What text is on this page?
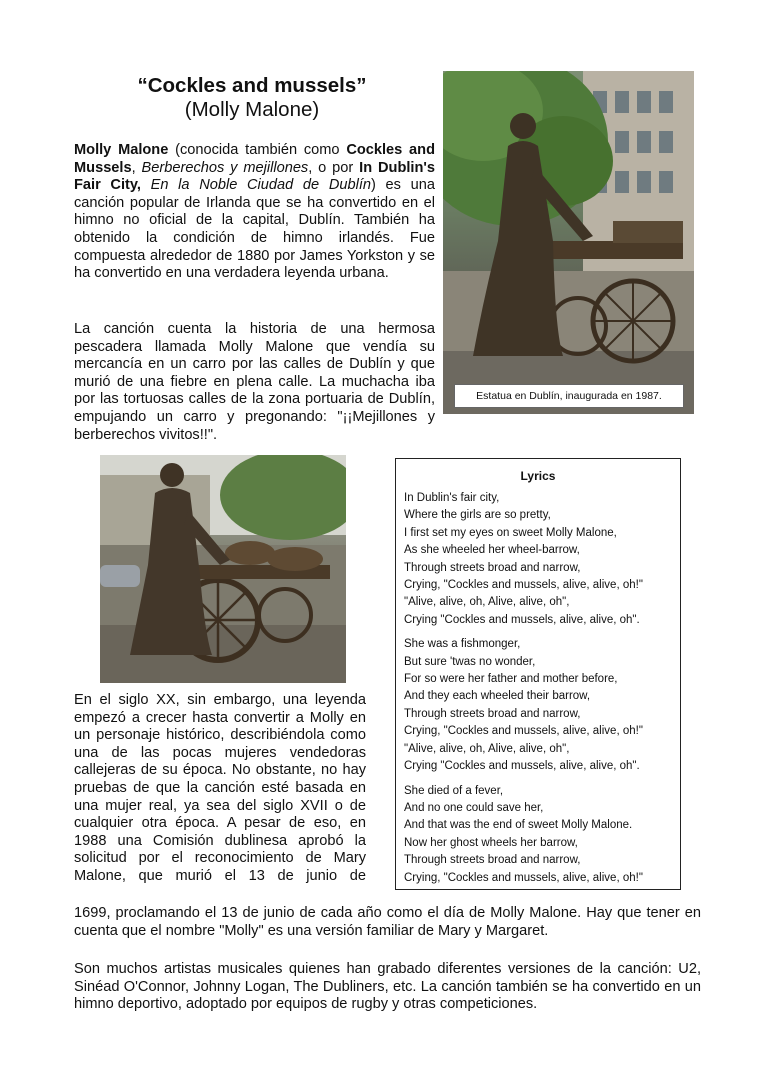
“Cockles and mussels”
(Molly Malone)

Molly Malone (conocida también como Cockles and Mussels, Berberechos y mejillones, o por In Dublin's Fair City, En la Noble Ciudad de Dublín) es una canción popular de Irlanda que se ha convertido en el himno no oficial de la capital, Dublín. También ha obtenido la condición de himno irlandés. Fue compuesta alrededor de 1880 por James Yorkston y se ha convertido en una verdadera leyenda urbana.

La canción cuenta la historia de una hermosa pescadera llamada Molly Malone que vendía su mercancía en un carro por las calles de Dublín y que murió de una fiebre en plena calle. La muchacha iba por las tortuosas calles de la zona portuaria de Dublín, empujando un carro y pregonando: "¡¡Mejillones y berberechos vivitos!!".

Estatua en Dublín, inaugurada en 1987.
Lyrics
In Dublin's fair city,
Where the girls are so pretty,
I first set my eyes on sweet Molly Malone,
As she wheeled her wheel-barrow,
Through streets broad and narrow,
Crying, "Cockles and mussels, alive, alive, oh!"
"Alive, alive, oh, Alive, alive, oh",
Crying "Cockles and mussels, alive, alive, oh".
She was a fishmonger,
But sure 'twas no wonder,
For so were her father and mother before,
And they each wheeled their barrow,
Through streets broad and narrow,
Crying, "Cockles and mussels, alive, alive, oh!"
"Alive, alive, oh, Alive, alive, oh",
Crying "Cockles and mussels, alive, alive, oh".
She died of a fever,
And no one could save her,
And that was the end of sweet Molly Malone.
Now her ghost wheels her barrow,
Through streets broad and narrow,
Crying, "Cockles and mussels, alive, alive, oh!"

En el siglo XX, sin embargo, una leyenda empezó a crecer hasta convertir a Molly en un personaje histórico, describiéndola como una de las pocas mujeres vendedoras callejeras de su época. No obstante, no hay pruebas de que la canción esté basada en una mujer real, ya sea del siglo XVII o de cualquier otra época. A pesar de eso, en 1988 una Comisión dublinesa aprobó la solicitud por el reconocimiento de Mary Malone, que murió el 13 de junio de

1699, proclamando el 13 de junio de cada año como el día de Molly Malone. Hay que tener en cuenta que el nombre "Molly" es una versión familiar de Mary y Margaret.

Son muchos artistas musicales quienes han grabado diferentes versiones de la canción: U2, Sinéad O'Connor, Johnny Logan, The Dubliners, etc. La canción también se ha convertido en un himno deportivo, adoptado por equipos de rugby y otras competiciones.
